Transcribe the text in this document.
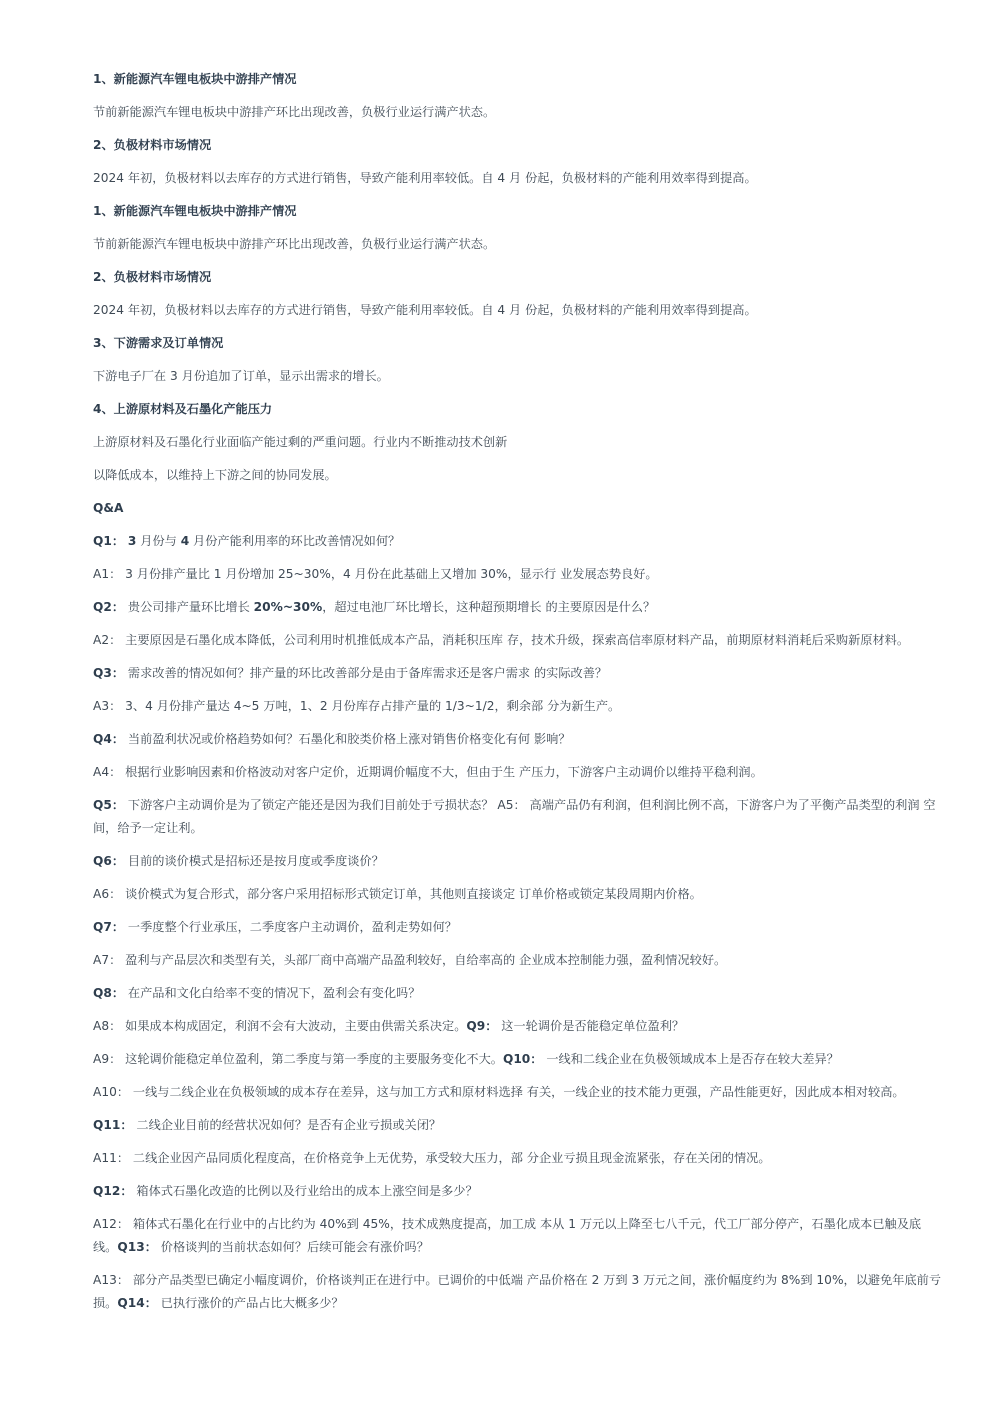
1、新能源汽车锂电板块中游排产情况

节前新能源汽车锂电板块中游排产环比出现改善，负极行业运行满产状态。

2、负极材料市场情况

2024 年初，负极材料以去库存的方式进行销售，导致产能利用率较低。自 4 月 份起，负极材料的产能利用效率得到提高。

1、新能源汽车锂电板块中游排产情况

节前新能源汽车锂电板块中游排产环比出现改善，负极行业运行满产状态。

2、负极材料市场情况

2024 年初，负极材料以去库存的方式进行销售，导致产能利用率较低。自 4 月 份起，负极材料的产能利用效率得到提高。

3、下游需求及订单情况

下游电子厂在 3 月份追加了订单，显示出需求的增长。

4、上游原材料及石墨化产能压力

上游原材料及石墨化行业面临产能过剩的严重问题。行业内不断推动技术创新

以降低成本，以维持上下游之间的协同发展。

Q&A

Q1： 3 月份与 4 月份产能利用率的环比改善情况如何？

A1： 3 月份排产量比 1 月份增加 25~30%，4 月份在此基础上又增加 30%，显示行 业发展态势良好。

Q2： 贵公司排产量环比增长 20%~30%，超过电池厂环比增长，这种超预期增长 的主要原因是什么？

A2： 主要原因是石墨化成本降低，公司利用时机推低成本产品，消耗积压库 存，技术升级，探索高信率原材料产品，前期原材料消耗后采购新原材料。

Q3： 需求改善的情况如何？排产量的环比改善部分是由于备库需求还是客户需求 的实际改善？

A3： 3、4 月份排产量达 4~5 万吨，1、2 月份库存占排产量的 1/3~1/2，剩余部 分为新生产。

Q4： 当前盈利状况或价格趋势如何？石墨化和胶类价格上涨对销售价格变化有何 影响？

A4： 根据行业影响因素和价格波动对客户定价，近期调价幅度不大，但由于生 产压力，下游客户主动调价以维持平稳利润。

Q5： 下游客户主动调价是为了锁定产能还是因为我们目前处于亏损状态？ A5： 高端产品仍有利润，但利润比例不高，下游客户为了平衡产品类型的利润 空间，给予一定让利。

Q6： 目前的谈价模式是招标还是按月度或季度谈价？

A6： 谈价模式为复合形式，部分客户采用招标形式锁定订单，其他则直接谈定 订单价格或锁定某段周期内价格。

Q7： 一季度整个行业承压，二季度客户主动调价，盈利走势如何？

A7： 盈利与产品层次和类型有关，头部厂商中高端产品盈利较好，自给率高的 企业成本控制能力强，盈利情况较好。

Q8： 在产品和文化白给率不变的情况下，盈利会有变化吗？

A8： 如果成本构成固定，利润不会有大波动，主要由供需关系决定。Q9： 这一轮调价是否能稳定单位盈利？

A9： 这轮调价能稳定单位盈利，第二季度与第一季度的主要服务变化不大。Q10： 一线和二线企业在负极领域成本上是否存在较大差异？

A10： 一线与二线企业在负极领域的成本存在差异，这与加工方式和原材料选择 有关，一线企业的技术能力更强，产品性能更好，因此成本相对较高。

Q11： 二线企业目前的经营状况如何？是否有企业亏损或关闭？

A11： 二线企业因产品同质化程度高，在价格竞争上无优势，承受较大压力，部 分企业亏损且现金流紧张，存在关闭的情况。

Q12： 箱体式石墨化改造的比例以及行业给出的成本上涨空间是多少？

A12： 箱体式石墨化在行业中的占比约为 40%到 45%，技术成熟度提高，加工成 本从 1 万元以上降至七八千元，代工厂部分停产，石墨化成本已触及底线。Q13： 价格谈判的当前状态如何？后续可能会有涨价吗？

A13： 部分产品类型已确定小幅度调价，价格谈判正在进行中。已调价的中低端 产品价格在 2 万到 3 万元之间，涨价幅度约为 8%到 10%，以避免年底前亏损。Q14： 已执行涨价的产品占比大概多少？
